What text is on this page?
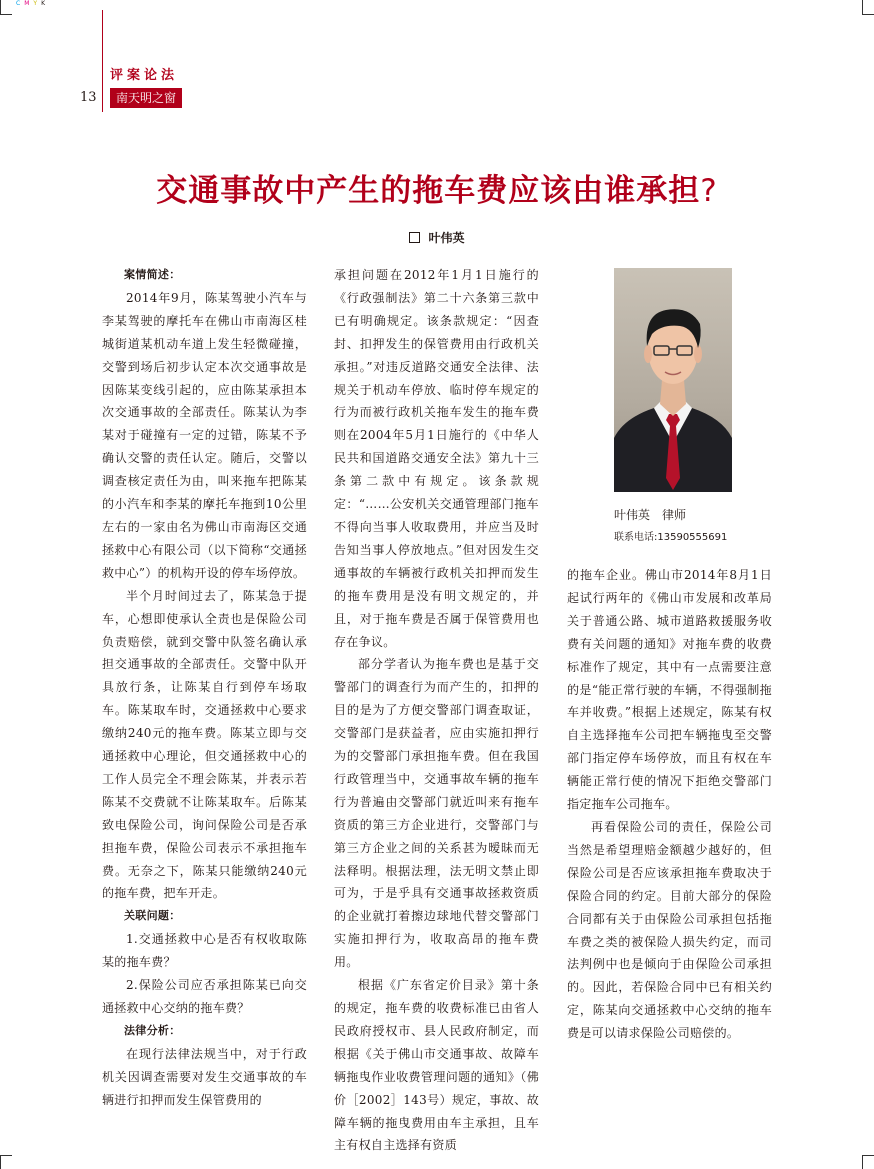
CMYK
评案论法
13	南天明之窗
交通事故中产生的拖车费应该由谁承担?
叶伟英
案情简述：

2014年9月，陈某驾驶小汽车与李某驾驶的摩托车在佛山市南海区桂城街道某机动车道上发生轻微碰撞，交警到场后初步认定本次交通事故是因陈某变线引起的，应由陈某承担本次交通事故的全部责任。陈某认为李某对于碰撞有一定的过错，陈某不予确认交警的责任认定。随后，交警以调查核定责任为由，叫来拖车把陈某的小汽车和李某的摩托车拖到10公里左右的一家由名为佛山市南海区交通拯救中心有限公司（以下简称“交通拯救中心”）的机构开设的停车场停放。

半个月时间过去了，陈某急于提车，心想即使承认全责也是保险公司负责赔偿，就到交警中队签名确认承担交通事故的全部责任。交警中队开具放行条，让陈某自行到停车场取车。陈某取车时，交通拯救中心要求缴纳240元的拖车费。陈某立即与交通拯救中心理论，但交通拯救中心的工作人员完全不理会陈某，并表示若陈某不交费就不让陈某取车。后陈某致电保险公司，询问保险公司是否承担拖车费，保险公司表示不承担拖车费。无奈之下，陈某只能缴纳240元的拖车费，把车开走。

关联问题：

1.交通拯救中心是否有权收取陈某的拖车费？

2.保险公司应否承担陈某已向交通拯救中心交纳的拖车费？

法律分析：

在现行法律法规当中，对于行政机关因调查需要对发生交通事故的车辆进行扣押而发生保管费用的

承担问题在2012年1月1日施行的《行政强制法》第二十六条第三款中已有明确规定。该条款规定：“因查封、扣押发生的保管费用由行政机关承担。”对违反道路交通安全法律、法规关于机动车停放、临时停车规定的行为而被行政机关拖车发生的拖车费则在2004年5月1日施行的《中华人民共和国道路交通安全法》第九十三条第二款中有规定。该条款规定：“……公安机关交通管理部门拖车不得向当事人收取费用，并应当及时告知当事人停放地点。”但对因发生交通事故的车辆被行政机关扣押而发生的拖车费用是没有明文规定的，并且，对于拖车费是否属于保管费用也存在争议。

部分学者认为拖车费也是基于交警部门的调查行为而产生的，扣押的目的是为了方便交警部门调查取证，交警部门是获益者，应由实施扣押行为的交警部门承担拖车费。但在我国行政管理当中，交通事故车辆的拖车行为普遍由交警部门就近叫来有拖车资质的第三方企业进行，交警部门与第三方企业之间的关系甚为暧昧而无法释明。根据法理，法无明文禁止即可为，于是乎具有交通事故拯救资质的企业就打着擦边球地代替交警部门实施扣押行为，收取高昂的拖车费用。

根据《广东省定价目录》第十条的规定，拖车费的收费标准已由省人民政府授权市、县人民政府制定，而根据《关于佛山市交通事故、故障车辆拖曳作业收费管理问题的通知》（佛价［2002］143号）规定，事故、故障车辆的拖曳费用由车主承担，且车主有权自主选择有资质

的拖车企业。佛山市2014年8月1日起试行两年的《佛山市发展和改革局关于普通公路、城市道路救援服务收费有关问题的通知》对拖车费的收费标准作了规定，其中有一点需要注意的是“能正常行驶的车辆，不得强制拖车并收费。”根据上述规定，陈某有权自主选择拖车公司把车辆拖曳至交警部门指定停车场停放，而且有权在车辆能正常行使的情况下拒绝交警部门指定拖车公司拖车。

再看保险公司的责任，保险公司当然是希望理赔金额越少越好的，但保险公司是否应该承担拖车费取决于保险合同的约定。目前大部分的保险合同都有关于由保险公司承担包括拖车费之类的被保险人损失约定，而司法判例中也是倾向于由保险公司承担的。因此，若保险合同中已有相关约定，陈某向交通拯救中心交纳的拖车费是可以请求保险公司赔偿的。

叶伟英　律师
联系电话:13590555691
